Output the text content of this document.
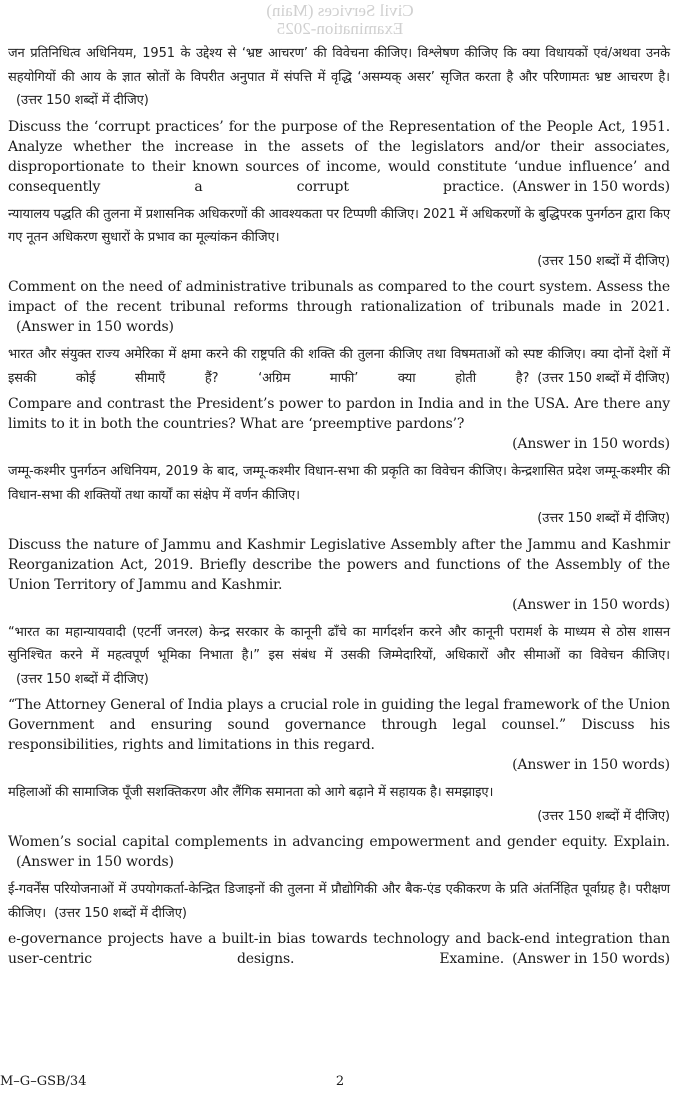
Civil Services (Main)
Examination-2025
जन प्रतिनिधित्व अधिनियम, 1951 के उद्देश्य से ‘भ्रष्ट आचरण’ की विवेचना कीजिए। विश्लेषण कीजिए कि क्या विधायकों एवं/अथवा उनके सहयोगियों की आय के ज्ञात स्रोतों के विपरीत अनुपात में संपत्ति में वृद्धि ‘असम्यक् असर’ सृजित करता है और परिणामतः भ्रष्ट आचरण है।(उत्तर 150 शब्दों में दीजिए)
Discuss the ‘corrupt practices’ for the purpose of the Representation of the People Act, 1951. Analyze whether the increase in the assets of the legislators and/or their associates, disproportionate to their known sources of income, would constitute ‘undue influence’ and consequently a corrupt practice. (Answer in 150 words)
न्यायालय पद्धति की तुलना में प्रशासनिक अधिकरणों की आवश्यकता पर टिप्पणी कीजिए। 2021 में अधिकरणों के बुद्धिपरक पुनर्गठन द्वारा किए गए नूतन अधिकरण सुधारों के प्रभाव का मूल्यांकन कीजिए।
(उत्तर 150 शब्दों में दीजिए)
Comment on the need of administrative tribunals as compared to the court system. Assess the impact of the recent tribunal reforms through rationalization of tribunals made in 2021.(Answer in 150 words)
भारत और संयुक्त राज्य अमेरिका में क्षमा करने की राष्ट्रपति की शक्ति की तुलना कीजिए तथा विषमताओं को स्पष्ट कीजिए। क्या दोनों देशों में इसकी कोई सीमाएँ हैं? ‘अग्रिम माफी’ क्या होती है? (उत्तर 150 शब्दों में दीजिए)
Compare and contrast the President’s power to pardon in India and in the USA. Are there any limits to it in both the countries? What are ‘preemptive pardons’?
(Answer in 150 words)
जम्मू-कश्मीर पुनर्गठन अधिनियम, 2019 के बाद, जम्मू-कश्मीर विधान-सभा की प्रकृति का विवेचन कीजिए। केन्द्रशासित प्रदेश जम्मू-कश्मीर की विधान-सभा की शक्तियों तथा कार्यों का संक्षेप में वर्णन कीजिए।
(उत्तर 150 शब्दों में दीजिए)
Discuss the nature of Jammu and Kashmir Legislative Assembly after the Jammu and Kashmir Reorganization Act, 2019. Briefly describe the powers and functions of the Assembly of the Union Territory of Jammu and Kashmir.
(Answer in 150 words)
“भारत का महान्यायवादी (एटर्नी जनरल) केन्द्र सरकार के कानूनी ढाँचे का मार्गदर्शन करने और कानूनी परामर्श के माध्यम से ठोस शासन सुनिश्चित करने में महत्वपूर्ण भूमिका निभाता है।” इस संबंध में उसकी जिम्मेदारियों, अधिकारों और सीमाओं का विवेचन कीजिए।(उत्तर 150 शब्दों में दीजिए)
“The Attorney General of India plays a crucial role in guiding the legal framework of the Union Government and ensuring sound governance through legal counsel.” Discuss his responsibilities, rights and limitations in this regard.
(Answer in 150 words)
महिलाओं की सामाजिक पूँजी सशक्तिकरण और लैंगिक समानता को आगे बढ़ाने में सहायक है। समझाइए।
(उत्तर 150 शब्दों में दीजिए)
Women’s social capital complements in advancing empowerment and gender equity. Explain.(Answer in 150 words)
ई-गवर्नेंस परियोजनाओं में उपयोगकर्ता-केन्द्रित डिजाइनों की तुलना में प्रौद्योगिकी और बैक-एंड एकीकरण के प्रति अंतर्निहित पूर्वाग्रह है। परीक्षण कीजिए। (उत्तर 150 शब्दों में दीजिए)
e-governance projects have a built-in bias towards technology and back-end integration than user-centric designs. Examine. (Answer in 150 words)
M–G–GSB/34	2
